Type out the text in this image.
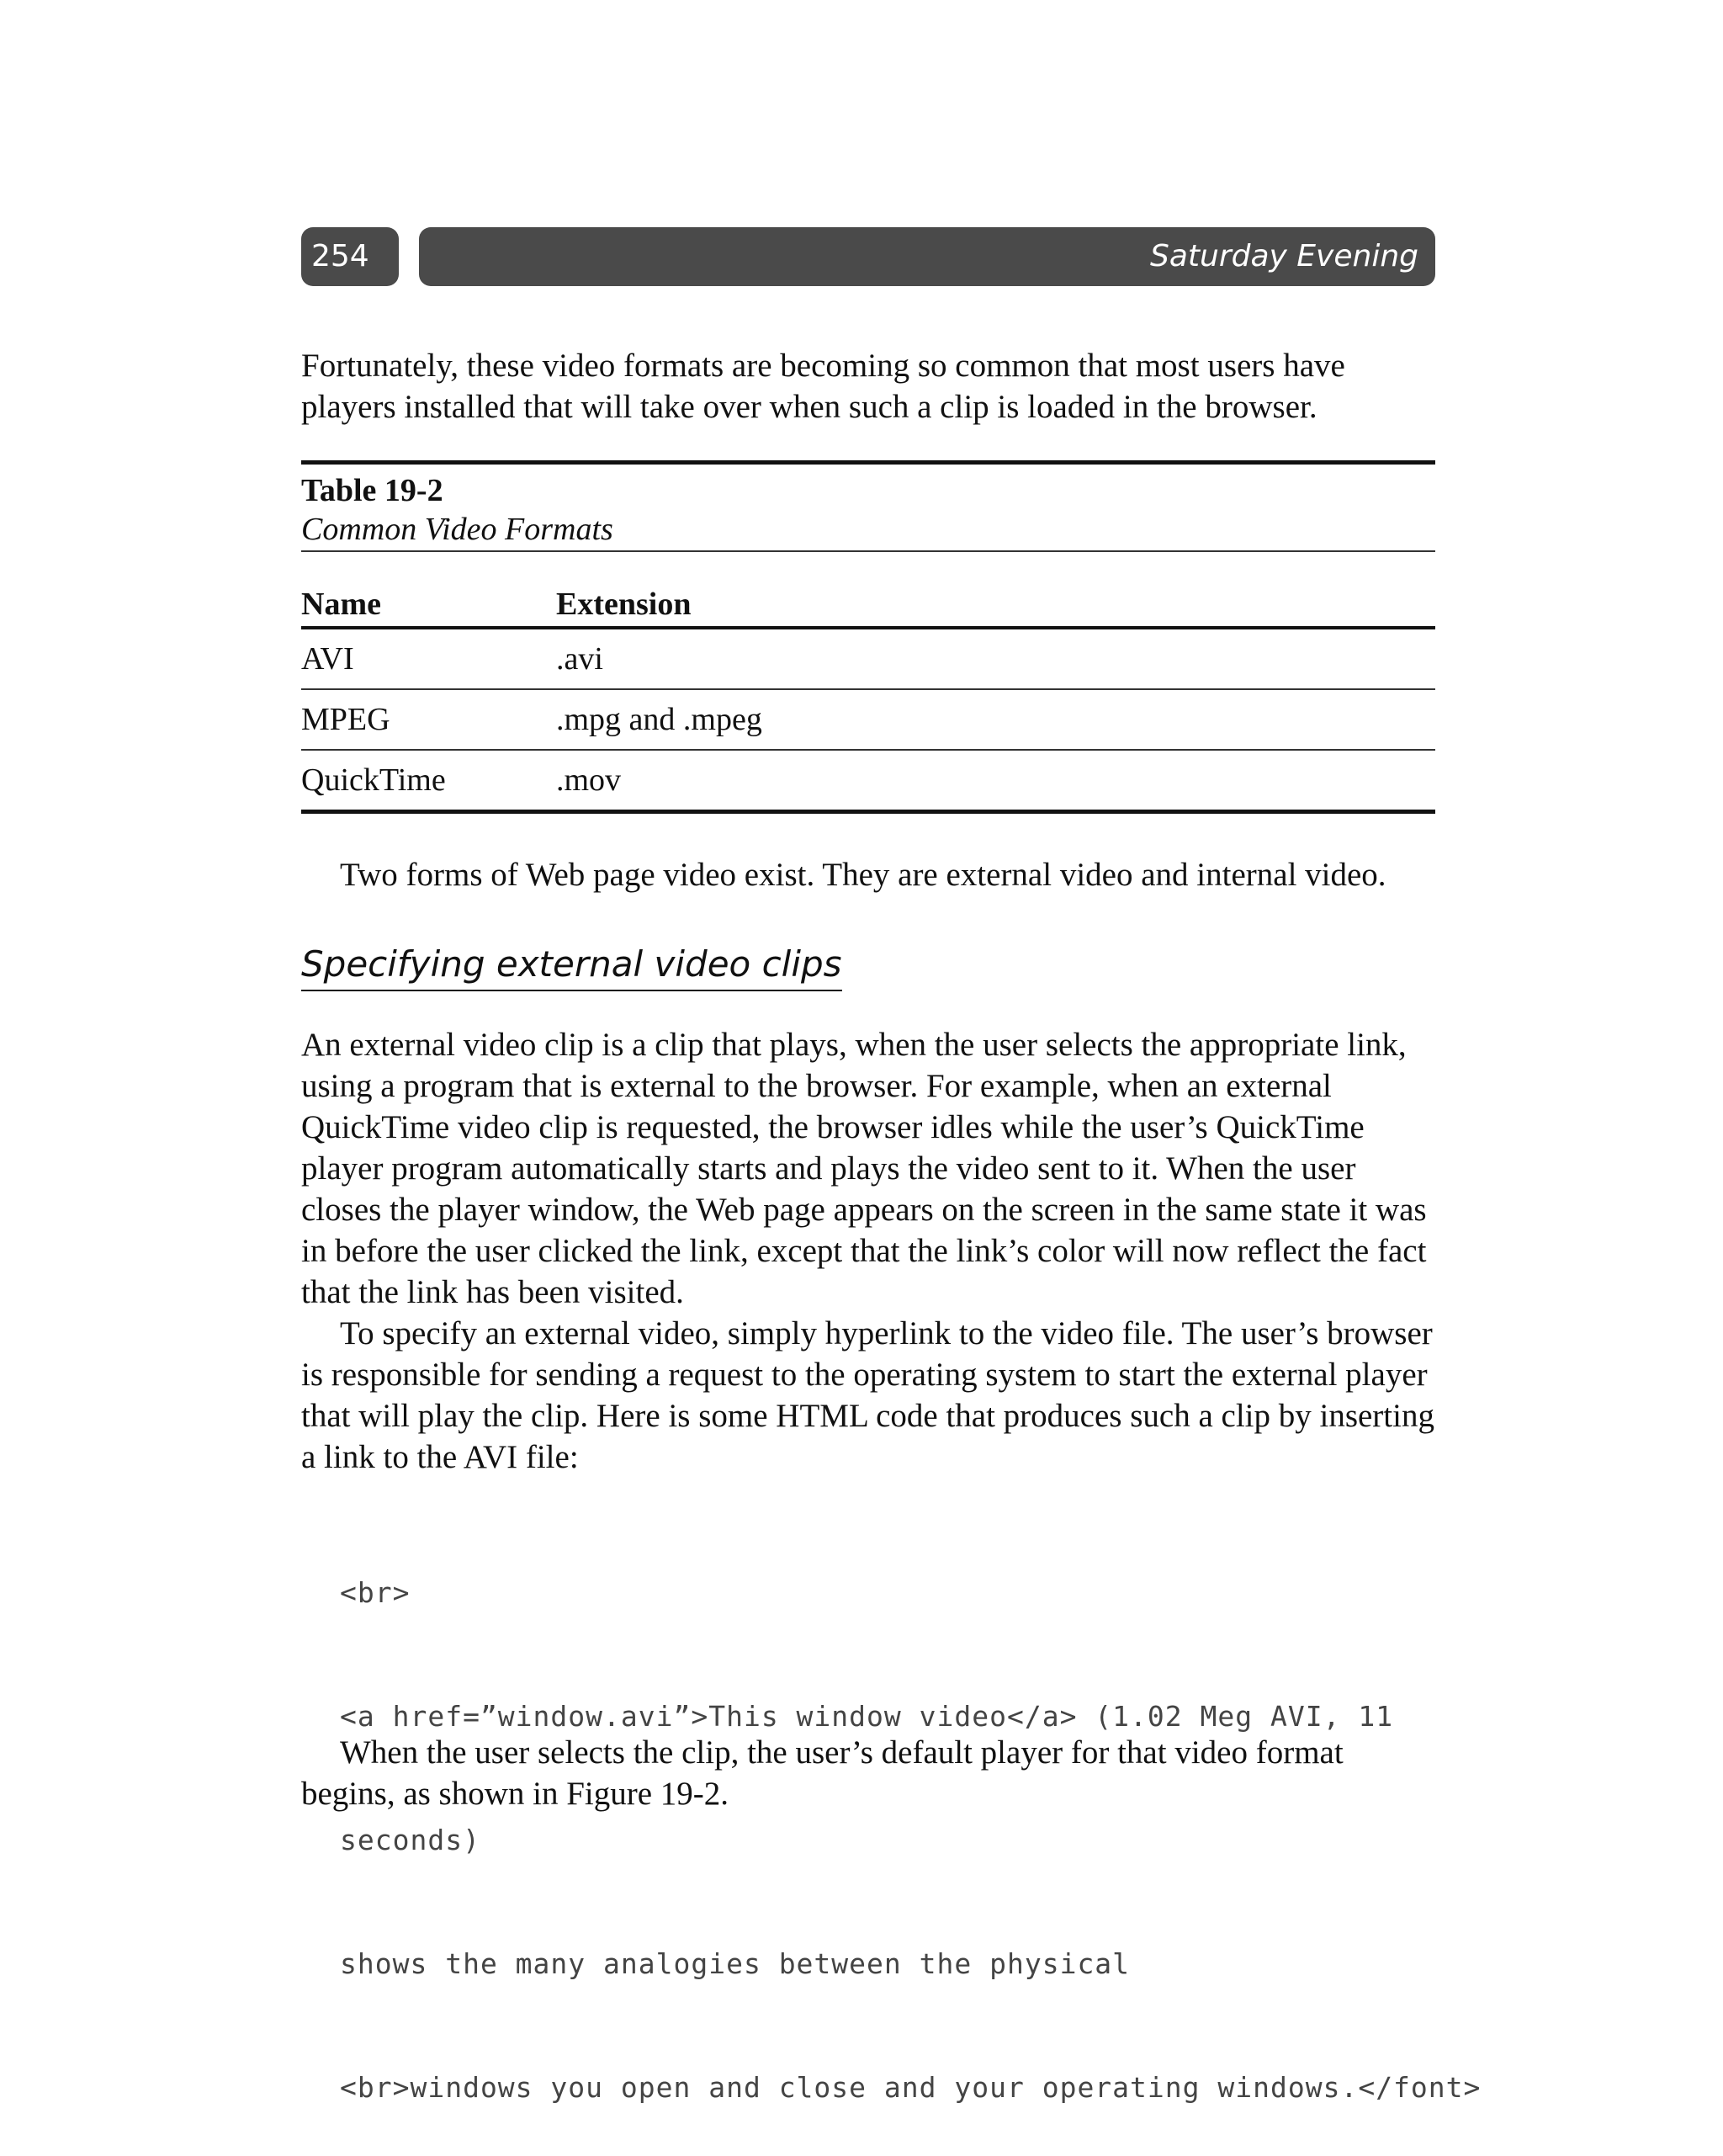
254	Saturday Evening

Fortunately, these video formats are becoming so common that most users have players installed that will take over when such a clip is loaded in the browser.

Table 19-2
Common Video Formats
Name	Extension
AVI	.avi
MPEG	.mpg and .mpeg
QuickTime	.mov

Two forms of Web page video exist. They are external video and internal video.

Specifying external video clips

An external video clip is a clip that plays, when the user selects the appropriate link, using a program that is external to the browser. For example, when an external QuickTime video clip is requested, the browser idles while the user’s QuickTime player program automatically starts and plays the video sent to it. When the user closes the player window, the Web page appears on the screen in the same state it was in before the user clicked the link, except that the link’s color will now reflect the fact that the link has been visited.

To specify an external video, simply hyperlink to the video file. The user’s browser is responsible for sending a request to the operating system to start the external player that will play the clip. Here is some HTML code that produces such a clip by inserting a link to the AVI file:

<br>

<a href=”window.avi”>This window video</a> (1.02 Meg AVI, 11

seconds)

shows the many analogies between the physical

<br>windows you open and close and your operating windows.</font>

When the user selects the clip, the user’s default player for that video format begins, as shown in Figure 19-2.
